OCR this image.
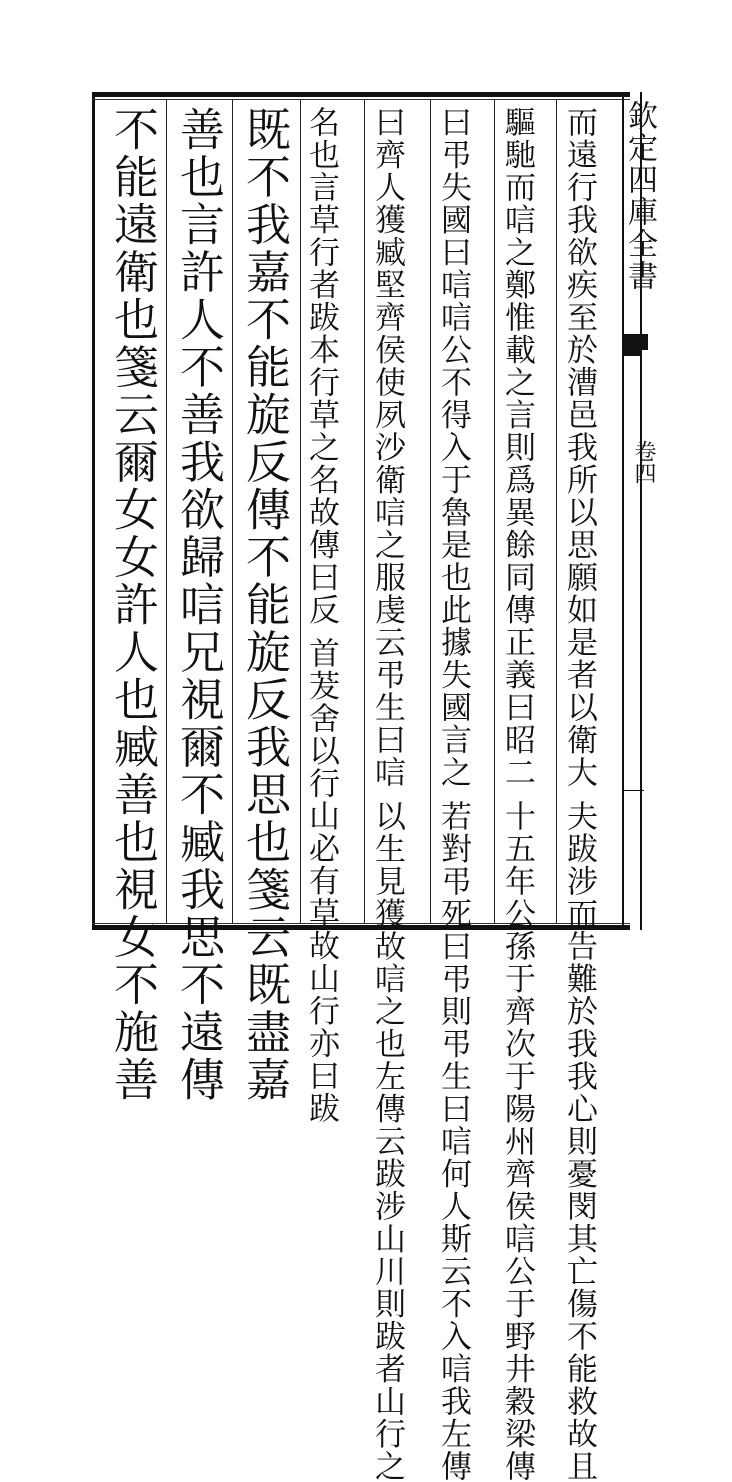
欽定四庫全書
卷四
而遠行我欲疾至於漕邑我所以思願如是者以衛大 夫跋涉而告難於我我心則憂閔其亡傷不能救故且
驅馳而唁之鄭惟載之言則爲異餘同傳正義曰昭二 十五年公孫于齊次于陽州齊侯唁公于野井穀梁傳
曰弔失國曰唁唁公不得入于魯是也此據失國言之 若對弔死曰弔則弔生曰唁何人斯云不入唁我左傳
曰齊人獲臧堅齊侯使夙沙衛唁之服虔云弔生曰唁 以生見獲故唁之也左傳云跋涉山川則跋者山行之
名也言草行者跋本行草之名故傳曰反 首茇舍以行山必有草故山行亦曰跋
既不我嘉不能旋反傳不能旋反我思也箋云既盡嘉
善也言許人不善我欲歸唁兄視爾不臧我思不遠傳
不能遠衛也箋云爾女女許人也臧善也視女不施善
